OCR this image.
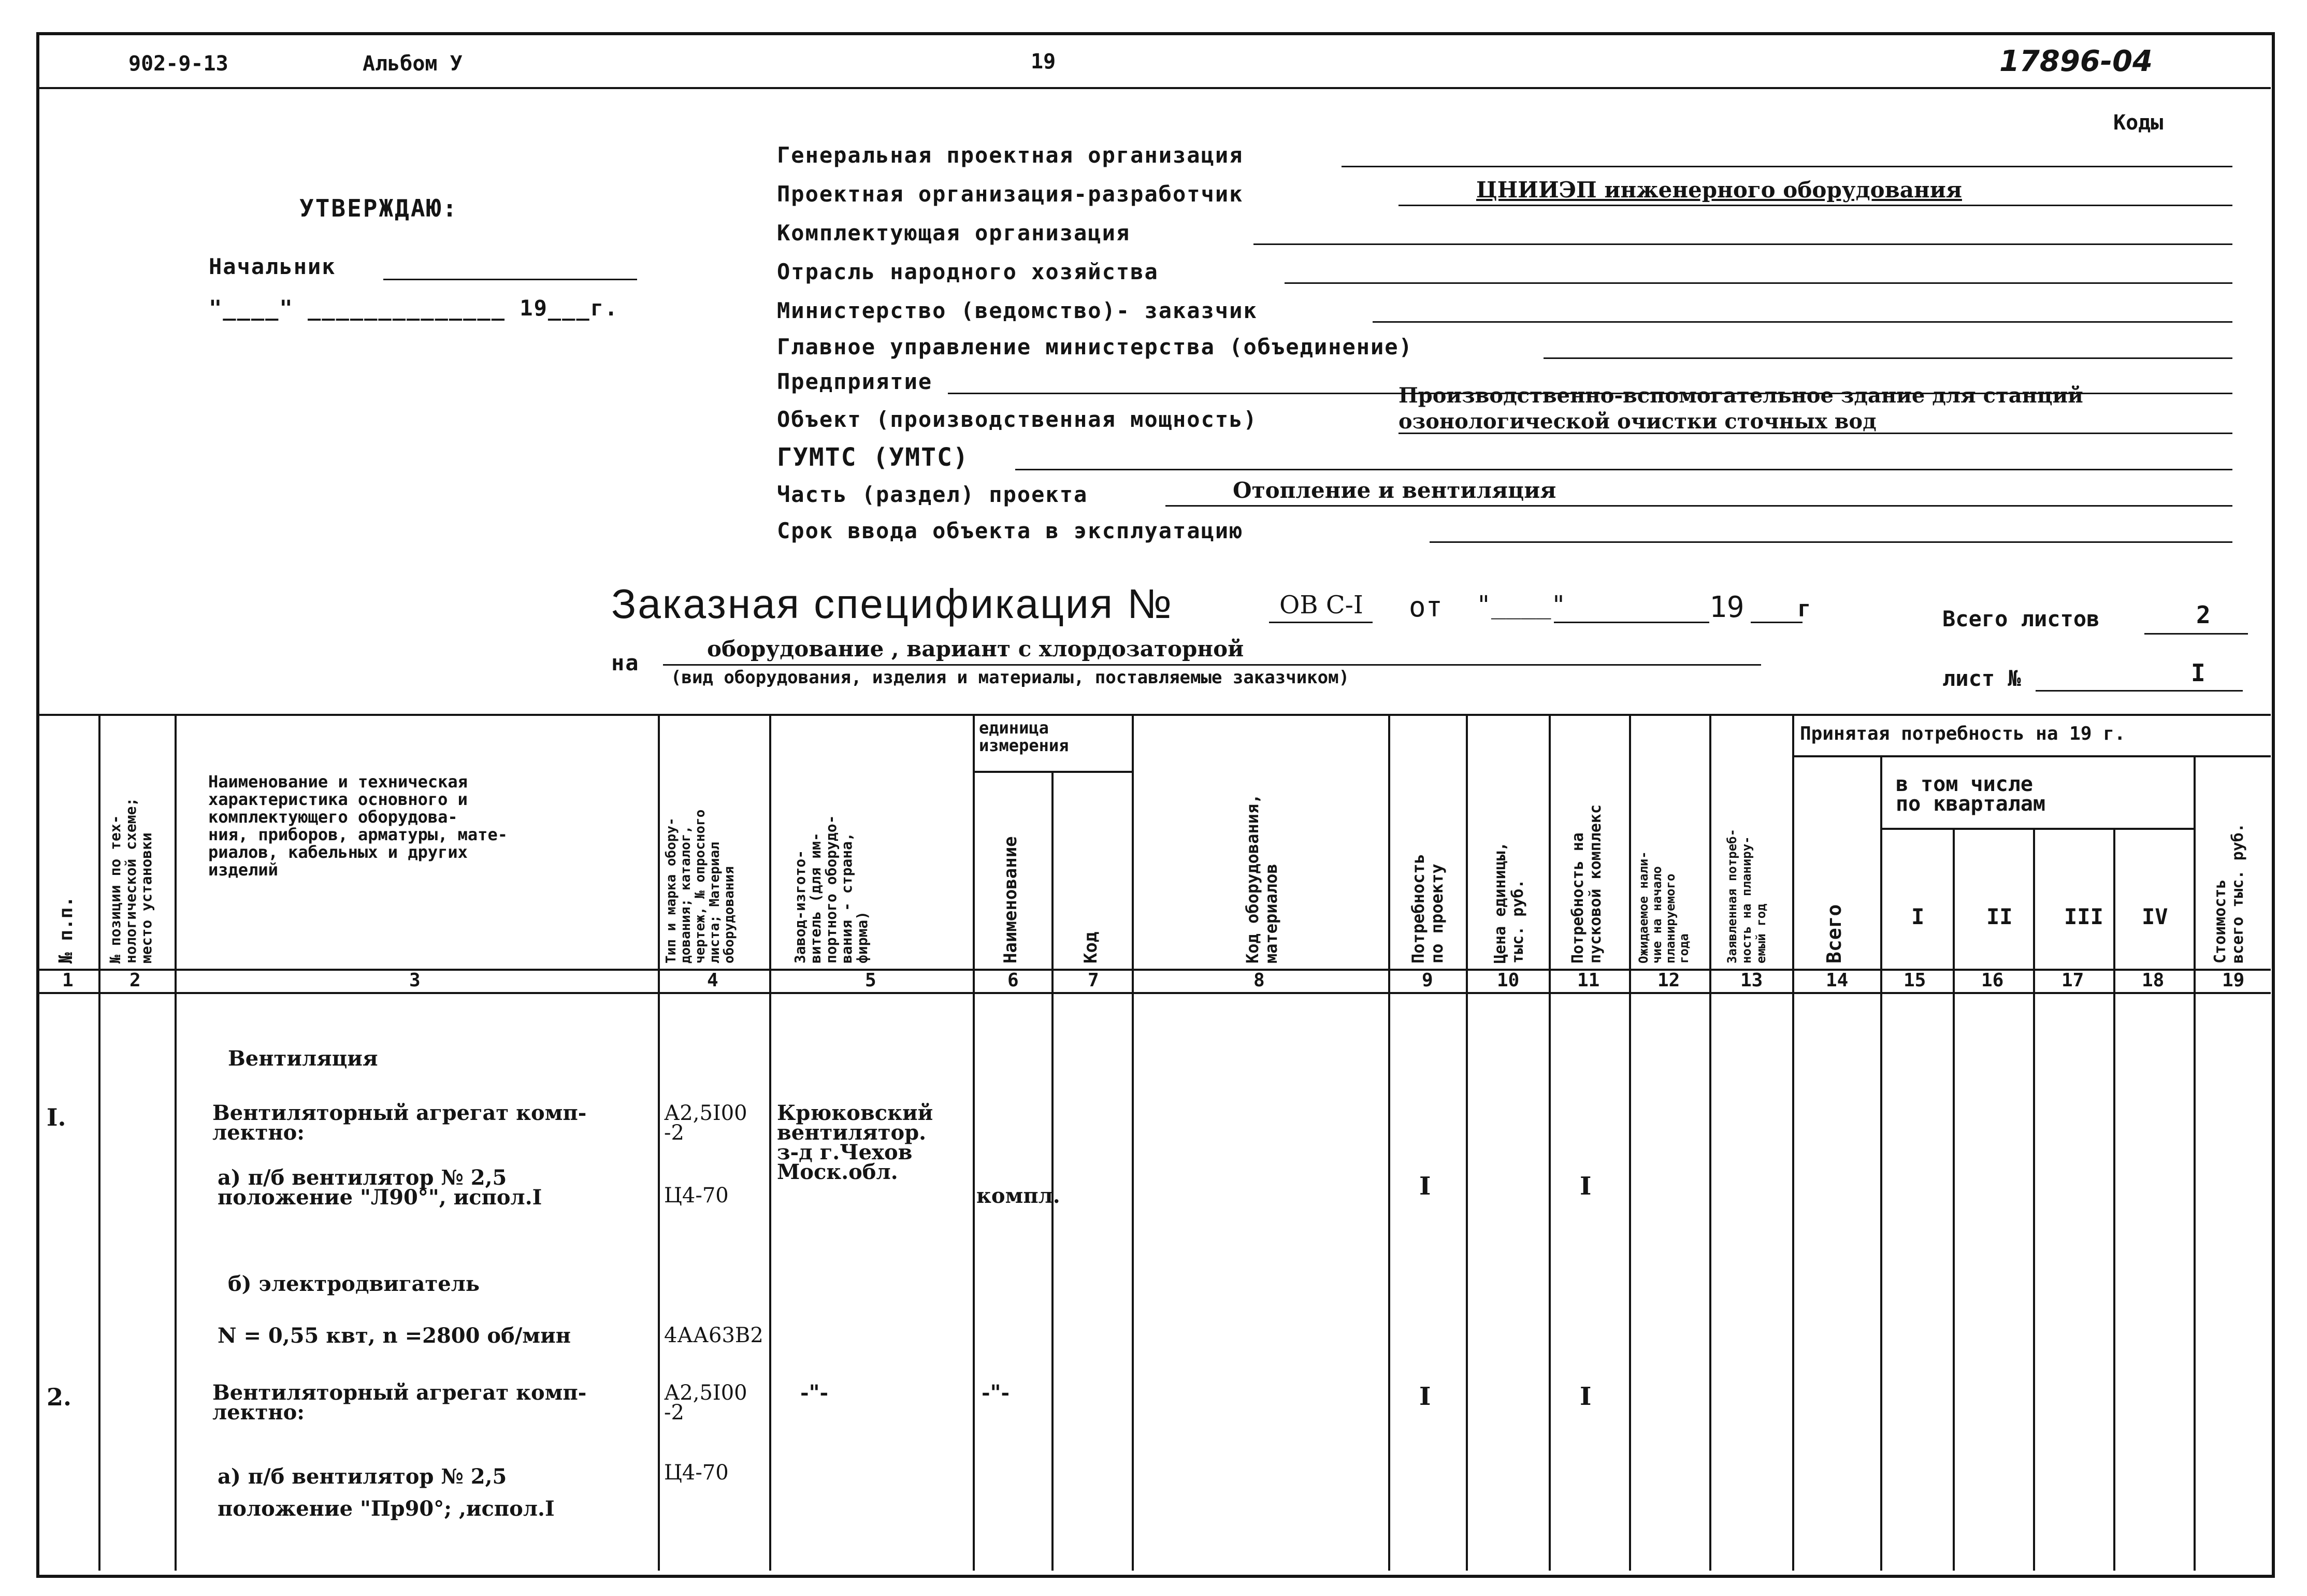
902-9-13	Альбом У	19	17896-04
Коды
УТВЕРЖДАЮ:
Начальник
"____" ______________ 19___г.
Генеральная проектная организация
Проектная организация-разработчик	ЦНИИЭП инженерного оборудования
Комплектующая организация
Отрасль народного хозяйства
Министерство (ведомство)- заказчик
Главное управление министерства (объединение)
Предприятие
Производственно-вспомогательное здание для станций
Объект (производственная мощность)	озонологической очистки сточных вод
ГУМТС (УМТС)
Часть (раздел) проекта	Отопление и вентиляция
Срок ввода объекта в эксплуатацию
Заказная спецификация №	ОВ С-I от "____"	19 г	Всего листов	2
на
оборудование , вариант с хлордозаторной
(вид оборудования, изделия и материалы, поставляемые заказчиком)	лист №	I
№ п.п. № позиции по тех-
нологической схеме;
место установки
Наименование и техническая
характеристика основного и
комплектующего оборудова-
ния, приборов, арматуры, мате-
риалов, кабельных и других
изделий
Тип и марка обору-
дования; каталог,
чертеж, № опросного
листа; Материал
оборудования	Завод-изгото-
витель (для им-
портного оборудо-
вания - страна,
фирма)
единица
измерения
Наименование	Код	Код оборудования,
материалов	Потребность
по проекту
Цена единицы,
тыс. руб.	Потребность на
пусковой комплекс
Ожидаемое нали-
чие на начало
планируемого
года	Заявленная потреб-
ность на планиру-
емый год
Принятая потребность на 19 г.
Всего
в том числе
по кварталам
I	II III IV	Стоимость
всего тыс. руб.
1	2	3	4	5	6	7	8	9	10	11	12	13	14	15	16	17	18	19
Вентиляция
I.	Вентиляторный агрегат комп-
лектно:
А2,5I00
-2
Крюковский
вентилятор.
з-д г.Чехов
Моск.обл.
а) п/б вентилятор № 2,5
положение "Л90°", испол.I	Ц4-70	компл.	I	I
б) электродвигатель
N = 0,55 квт, n =2800 об/мин	4АА63В2
2.	Вентиляторный агрегат комп-
лектно:
А2,5I00
-2
-"-	-"-	I	I
а) п/б вентилятор № 2,5
положение "Пр90°; ,испол.I
Ц4-70
